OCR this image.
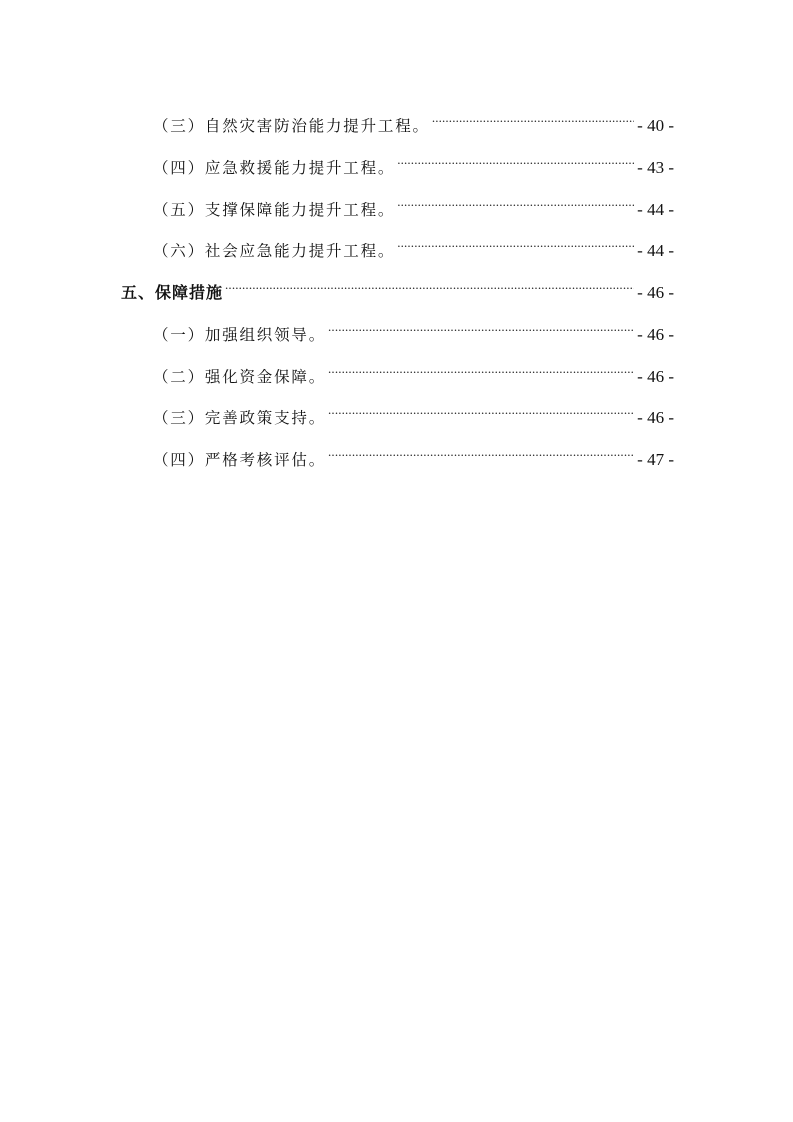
（三）自然灾害防治能力提升工程。 .....	- 40 -
（四）应急救援能力提升工程。 .....	- 43 -
（五）支撑保障能力提升工程。 .....	- 44 -
（六）社会应急能力提升工程。 .....	- 44 -
五、保障措施 .....	- 46 -
（一）加强组织领导。 .....	- 46 -
（二）强化资金保障。 .....	- 46 -
（三）完善政策支持。 .....	- 46 -
（四）严格考核评估。 .....	- 47 -
